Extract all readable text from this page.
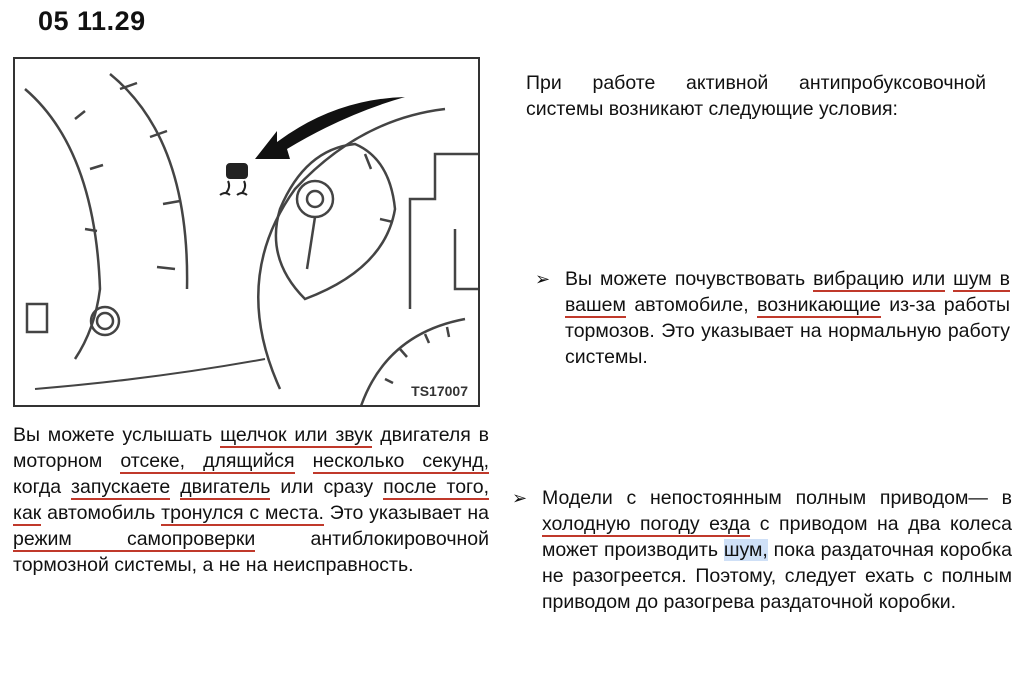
05 11.29
TS17007
При работе активной антипробуксовочной системы возникают следующие условия:
➢ Вы можете почувствовать вибрацию или шум в вашем автомобиле, возникающие из-за работы тормозов. Это указывает на нормальную работу системы.
Вы можете услышать щелчок или звук двигателя в моторном отсеке, длящийся несколько секунд, когда запускаете двигатель или сразу после того, как автомобиль тронулся с места. Это указывает на режим самопроверки антиблокировочной тормозной системы, а не на неисправность.
➢ Модели с непостоянным полным приводом— в холодную погоду езда с приводом на два колеса может производить шум, пока раздаточная коробка не разогреется. Поэтому, следует ехать с полным приводом до разогрева раздаточной коробки.
